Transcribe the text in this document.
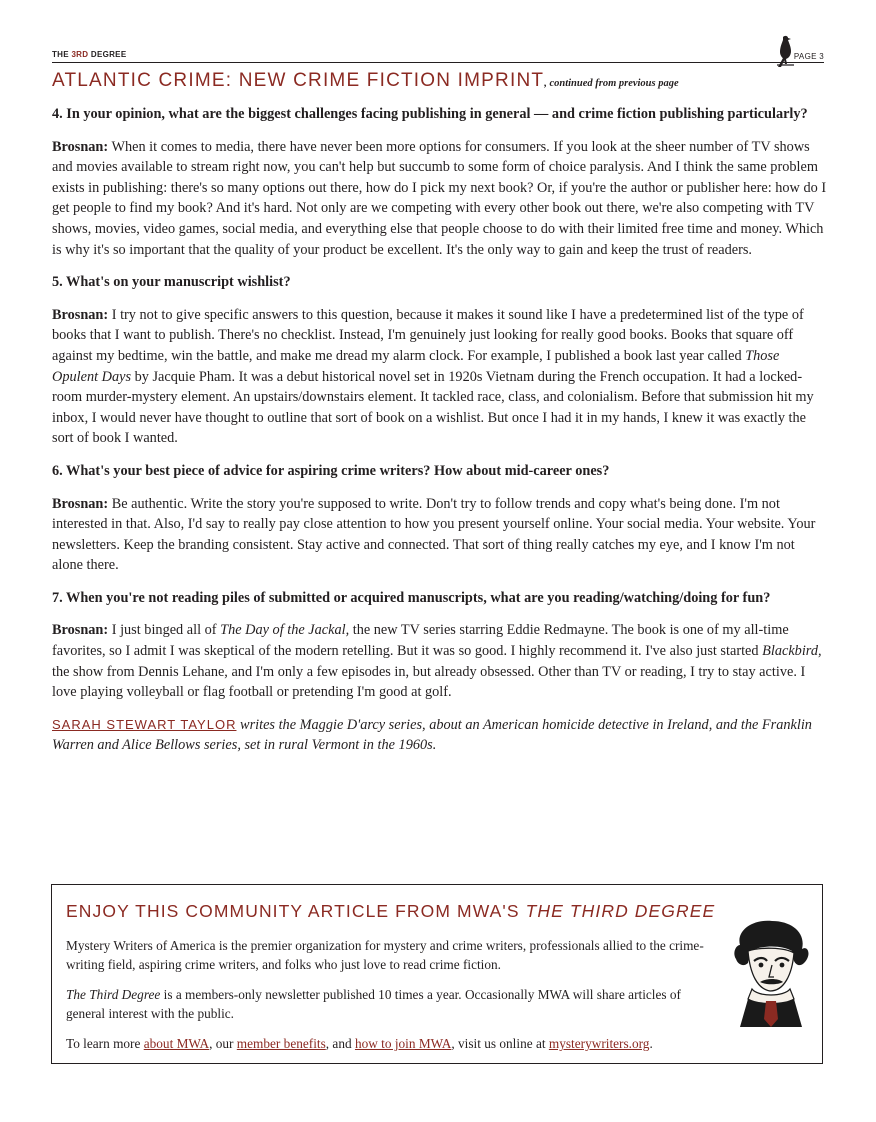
THE 3RD DEGREE	PAGE 3
ATLANTIC CRIME: NEW CRIME FICTION IMPRINT, continued from previous page

4. In your opinion, what are the biggest challenges facing publishing in general — and crime fiction publishing particularly?

Brosnan: When it comes to media, there have never been more options for consumers. If you look at the sheer number of TV shows and movies available to stream right now, you can't help but succumb to some form of choice paralysis. And I think the same problem exists in publishing: there's so many options out there, how do I pick my next book? Or, if you're the author or publisher here: how do I get people to find my book? And it's hard. Not only are we competing with every other book out there, we're also competing with TV shows, movies, video games, social media, and everything else that people choose to do with their limited free time and money. Which is why it's so important that the quality of your product be excellent. It's the only way to gain and keep the trust of readers.

5. What's on your manuscript wishlist?

Brosnan: I try not to give specific answers to this question, because it makes it sound like I have a predetermined list of the type of books that I want to publish. There's no checklist. Instead, I'm genuinely just looking for really good books. Books that square off against my bedtime, win the battle, and make me dread my alarm clock. For example, I published a book last year called Those Opulent Days by Jacquie Pham. It was a debut historical novel set in 1920s Vietnam during the French occupation. It had a locked-room murder-mystery element. An upstairs/downstairs element. It tackled race, class, and colonialism. Before that submission hit my inbox, I would never have thought to outline that sort of book on a wishlist. But once I had it in my hands, I knew it was exactly the sort of book I wanted.

6. What's your best piece of advice for aspiring crime writers? How about mid-career ones?

Brosnan: Be authentic. Write the story you're supposed to write. Don't try to follow trends and copy what's being done. I'm not interested in that. Also, I'd say to really pay close attention to how you present yourself online. Your social media. Your website. Your newsletters. Keep the branding consistent. Stay active and connected. That sort of thing really catches my eye, and I know I'm not alone there.

7. When you're not reading piles of submitted or acquired manuscripts, what are you reading/watching/doing for fun?

Brosnan: I just binged all of The Day of the Jackal, the new TV series starring Eddie Redmayne. The book is one of my all-time favorites, so I admit I was skeptical of the modern retelling. But it was so good. I highly recommend it. I've also just started Blackbird, the show from Dennis Lehane, and I'm only a few episodes in, but already obsessed. Other than TV or reading, I try to stay active. I love playing volleyball or flag football or pretending I'm good at golf.

SARAH STEWART TAYLOR writes the Maggie D'arcy series, about an American homicide detective in Ireland, and the Franklin Warren and Alice Bellows series, set in rural Vermont in the 1960s.

ENJOY THIS COMMUNITY ARTICLE FROM MWA'S THE THIRD DEGREE

Mystery Writers of America is the premier organization for mystery and crime writers, professionals allied to the crime-writing field, aspiring crime writers, and folks who just love to read crime fiction.

The Third Degree is a members-only newsletter published 10 times a year. Occasionally MWA will share articles of general interest with the public.

To learn more about MWA, our member benefits, and how to join MWA, visit us online at mysterywriters.org.
